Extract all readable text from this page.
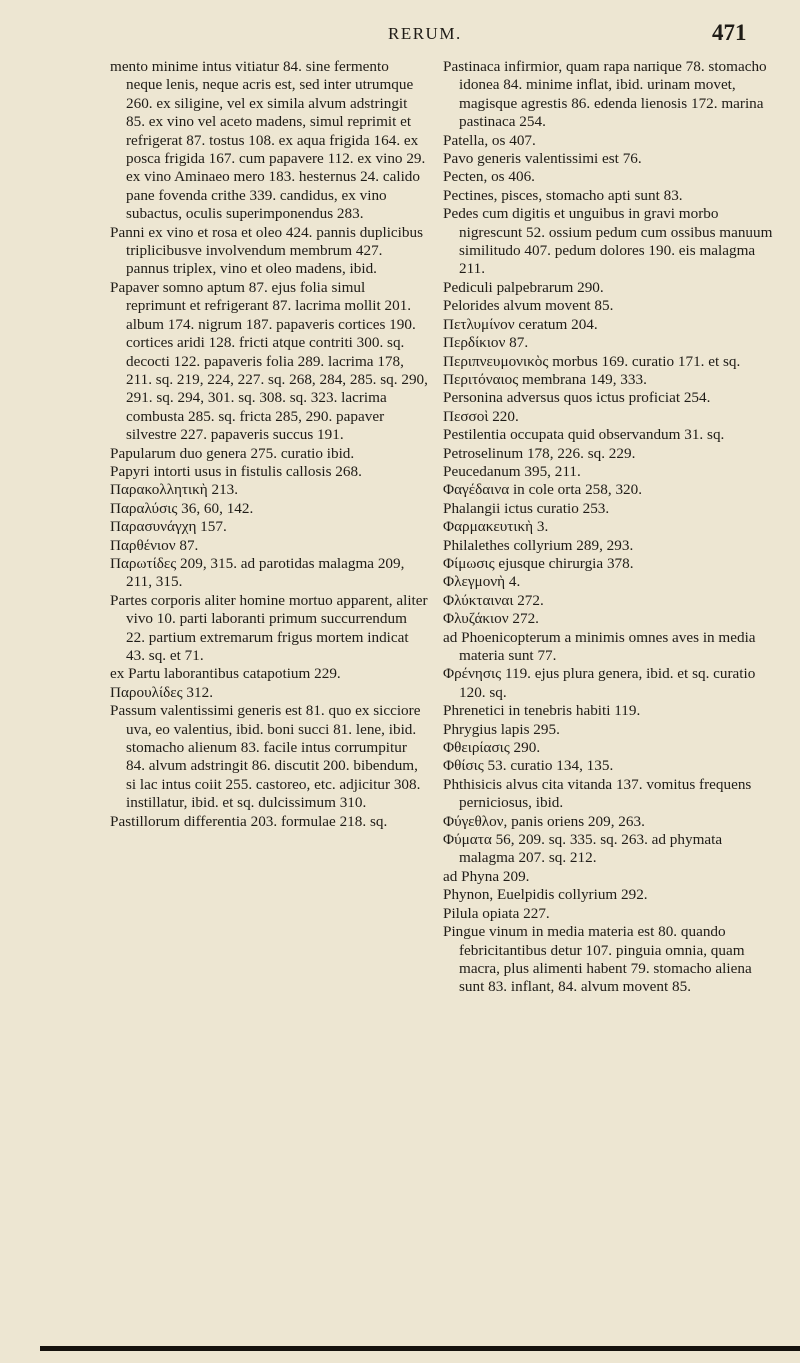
RERUM.	471

mento minime intus vitiatur 84. sine fermento neque lenis, neque acris est, sed inter utrumque 260. ex siligine, vel ex simila alvum adstringit 85. ex vino vel aceto madens, simul reprimit et refrigerat 87. tostus 108. ex aqua frigida 164. ex posca frigida 167. cum papavere 112. ex vino 29. ex vino Aminaeo mero 183. hesternus 24. calido pane fovenda crithe 339. candidus, ex vino subactus, oculis superimponendus 283.

Panni ex vino et rosa et oleo 424. pannis duplicibus triplicibusve involvendum membrum 427. pannus triplex, vino et oleo madens, ibid.

Papaver somno aptum 87. ejus folia simul reprimunt et refrigerant 87. lacrima mollit 201. album 174. nigrum 187. papaveris cortices 190. cortices aridi 128. fricti atque contriti 300. sq. decocti 122. papaveris folia 289. lacrima 178, 211. sq. 219, 224, 227. sq. 268, 284, 285. sq. 290, 291. sq. 294, 301. sq. 308. sq. 323. lacrima combusta 285. sq. fricta 285, 290. papaver silvestre 227. papaveris succus 191.

Papularum duo genera 275. curatio ibid.

Papyri intorti usus in fistulis callosis 268.

Παρακολλητικὴ 213.

Παραλύσις 36, 60, 142.

Παρασυνάγχη 157.

Παρθένιον 87.

Παρωτίδες 209, 315. ad parotidas malagma 209, 211, 315.

Partes corporis aliter homine mortuo apparent, aliter vivo 10. parti laboranti primum succurrendum 22. partium extremarum frigus mortem indicat 43. sq. et 71.

ex Partu laborantibus catapotium 229.

Παρουλίδες 312.

Passum valentissimi generis est 81. quo ex sicciore uva, eo valentius, ibid. boni succi 81. lene, ibid. stomacho alienum 83. facile intus corrumpitur 84. alvum adstringit 86. discutit 200. bibendum, si lac intus coiit 255. castoreo, etc. adjicitur 308. instillatur, ibid. et sq. dulcissimum 310.

Pastillorum differentia 203. formulae 218. sq.

Pastinaca infirmior, quam rapa nапique 78. stomacho idonea 84. minime inflat, ibid. urinam movet, magisque agrestis 86. edenda lienosis 172. marina pastinaca 254.

Patella, os 407.

Pavo generis valentissimi est 76.

Pecten, os 406.

Pectines, pisces, stomacho apti sunt 83.

Pedes cum digitis et unguibus in gravi morbo nigrescunt 52. ossium pedum cum ossibus manuum similitudo 407. pedum dolores 190. eis malagma 211.

Pediculi palpebrarum 290.

Pelorides alvum movent 85.

Πετλυμίνον ceratum 204.

Περδίκιον 87.

Περιπνευμονικὸς morbus 169. curatio 171. et sq.

Περιτόναιος membrana 149, 333.

Personina adversus quos ictus proficiat 254.

Πεσσοὶ 220.

Pestilentia occupata quid observandum 31. sq.

Petroselinum 178, 226. sq. 229.

Peucedanum 395, 211.

Φαγέδαινα in cole orta 258, 320.

Phalangii ictus curatio 253.

Φαρμακευτικὴ 3.

Philalethes collyrium 289, 293.

Φίμωσις ejusque chirurgia 378.

Φλεγμονὴ 4.

Φλύκταιναι 272.

Φλυζάκιον 272.

ad Phoenicopterum a minimis omnes aves in media materia sunt 77.

Φρένησις 119. ejus plura genera, ibid. et sq. curatio 120. sq.

Phrenetici in tenebris habiti 119.

Phrygius lapis 295.

Φθειρίασις 290.

Φθίσις 53. curatio 134, 135.

Phthisicis alvus cita vitanda 137. vomitus frequens perniciosus, ibid.

Φύγεθλον, panis oriens 209, 263.

Φύματα 56, 209. sq. 335. sq. 263. ad phymata malagma 207. sq. 212.

ad Phyna 209.

Phynon, Euelpidis collyrium 292.

Pilula opiata 227.

Pingue vinum in media materia est 80. quando febricitantibus detur 107. pinguia omnia, quam macra, plus alimenti habent 79. stomacho aliena sunt 83. inflant, 84. alvum movent 85.
